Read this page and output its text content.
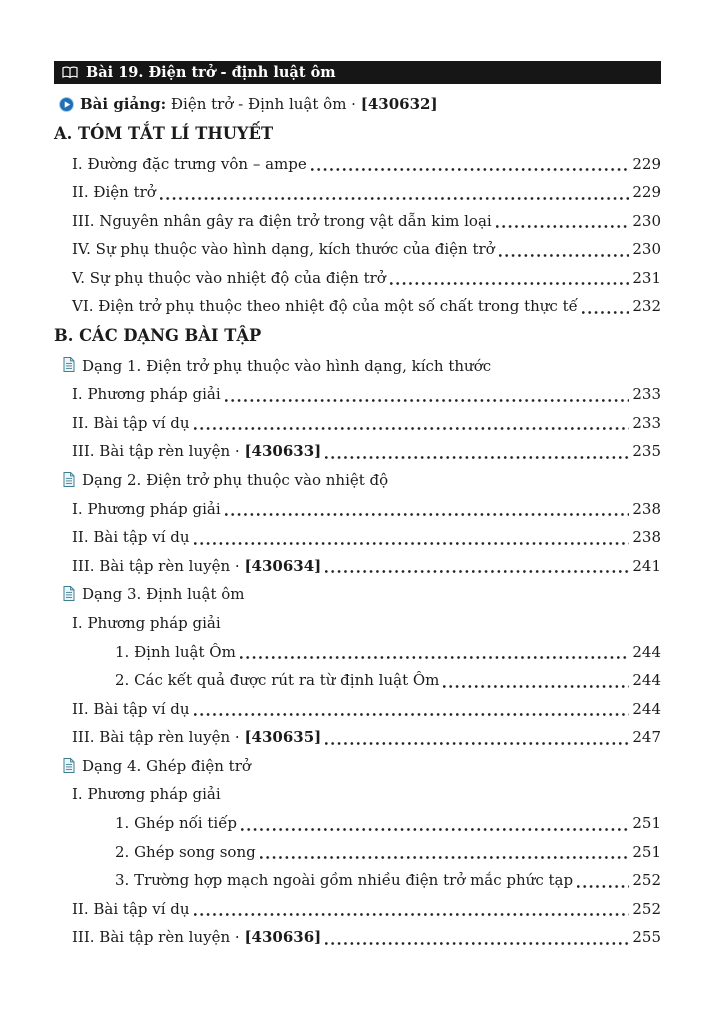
Bài 19. Điện trở - định luật ôm
Bài giảng: Điện trở - Định luật ôm · [430632]
A. TÓM TẮT LÍ THUYẾT
I. Đường đặc trưng vôn – ampe	229
II. Điện trở	229
III. Nguyên nhân gây ra điện trở trong vật dẫn kim loại	230
IV. Sự phụ thuộc vào hình dạng, kích thước của điện trở	230
V. Sự phụ thuộc vào nhiệt độ của điện trở	231
VI. Điện trở phụ thuộc theo nhiệt độ của một số chất trong thực tế	232
B. CÁC DẠNG BÀI TẬP
Dạng 1. Điện trở phụ thuộc vào hình dạng, kích thước
I. Phương pháp giải	233
II. Bài tập ví dụ	233
III. Bài tập rèn luyện · [430633]	235
Dạng 2. Điện trở phụ thuộc vào nhiệt độ
I. Phương pháp giải	238
II. Bài tập ví dụ	238
III. Bài tập rèn luyện · [430634]	241
Dạng 3. Định luật ôm
I. Phương pháp giải
1. Định luật Ôm	244
2. Các kết quả được rút ra từ định luật Ôm	244
II. Bài tập ví dụ	244
III. Bài tập rèn luyện · [430635]	247
Dạng 4. Ghép điện trở
I. Phương pháp giải
1. Ghép nối tiếp	251
2. Ghép song song	251
3. Trường hợp mạch ngoài gồm nhiều điện trở mắc phức tạp	252
II. Bài tập ví dụ	252
III. Bài tập rèn luyện · [430636]	255
